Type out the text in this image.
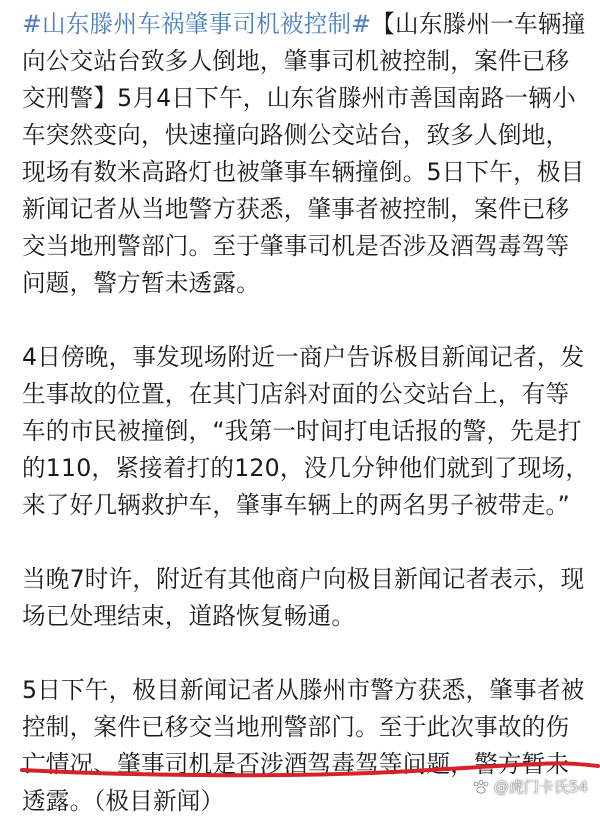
#山东滕州车祸肇事司机被控制#【山东滕州一车辆撞向公交站台致多人倒地，肇事司机被控制，案件已移交刑警】5月4日下午，山东省滕州市善国南路一辆小车突然变向，快速撞向路侧公交站台，致多人倒地，现场有数米高路灯也被肇事车辆撞倒。5日下午，极目新闻记者从当地警方获悉，肇事者被控制，案件已移交当地刑警部门。至于肇事司机是否涉及酒驾毒驾等问题，警方暂未透露。

4日傍晚，事发现场附近一商户告诉极目新闻记者，发生事故的位置，在其门店斜对面的公交站台上，有等车的市民被撞倒，“我第一时间打电话报的警，先是打的110，紧接着打的120，没几分钟他们就到了现场，来了好几辆救护车，肇事车辆上的两名男子被带走。”

当晚7时许，附近有其他商户向极目新闻记者表示，现场已处理结束，道路恢复畅通。

5日下午，极目新闻记者从滕州市警方获悉，肇事者被控制，案件已移交当地刑警部门。至于此次事故的伤亡情况、肇事司机是否涉酒驾毒驾等问题，警方暂未透露。（极目新闻）	@虎门卡氏54
